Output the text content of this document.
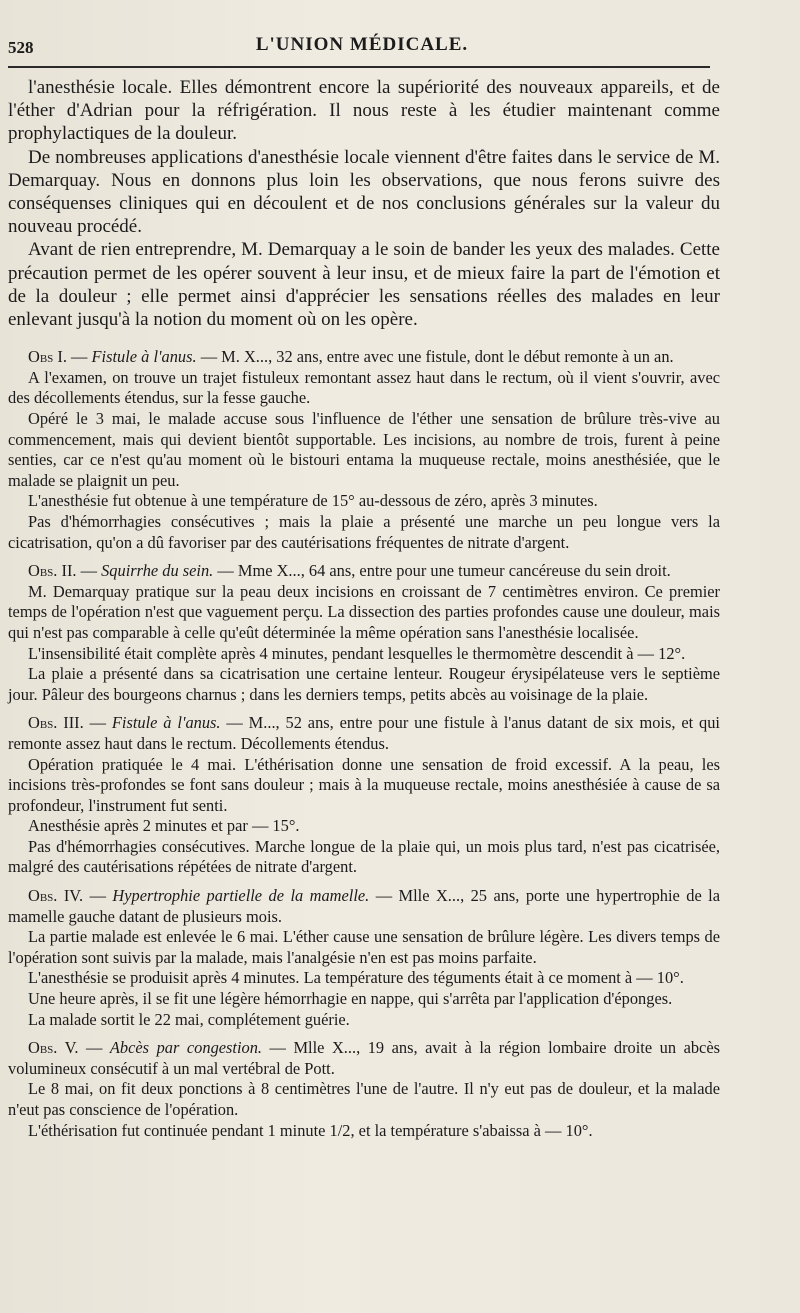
528	L'UNION MÉDICALE.

l'anesthésie locale. Elles démontrent encore la supériorité des nouveaux appareils, et de l'éther d'Adrian pour la réfrigération. Il nous reste à les étudier maintenant comme prophylactiques de la douleur.

De nombreuses applications d'anesthésie locale viennent d'être faites dans le service de M. Demarquay. Nous en donnons plus loin les observations, que nous ferons suivre des conséquenses cliniques qui en découlent et de nos conclusions générales sur la valeur du nouveau procédé.

Avant de rien entreprendre, M. Demarquay a le soin de bander les yeux des malades. Cette précaution permet de les opérer souvent à leur insu, et de mieux faire la part de l'émotion et de la douleur ; elle permet ainsi d'apprécier les sensations réelles des malades en leur enlevant jusqu'à la notion du moment où on les opère.

Obs I. — Fistule à l'anus. — M. X..., 32 ans, entre avec une fistule, dont le début remonte à un an.

A l'examen, on trouve un trajet fistuleux remontant assez haut dans le rectum, où il vient s'ouvrir, avec des décollements étendus, sur la fesse gauche.

Opéré le 3 mai, le malade accuse sous l'influence de l'éther une sensation de brûlure très-vive au commencement, mais qui devient bientôt supportable. Les incisions, au nombre de trois, furent à peine senties, car ce n'est qu'au moment où le bistouri entama la muqueuse rectale, moins anesthésiée, que le malade se plaignit un peu.

L'anesthésie fut obtenue à une température de 15° au-dessous de zéro, après 3 minutes.

Pas d'hémorrhagies consécutives ; mais la plaie a présenté une marche un peu longue vers la cicatrisation, qu'on a dû favoriser par des cautérisations fréquentes de nitrate d'argent.

Obs. II. — Squirrhe du sein. — Mme X..., 64 ans, entre pour une tumeur cancéreuse du sein droit.

M. Demarquay pratique sur la peau deux incisions en croissant de 7 centimètres environ. Ce premier temps de l'opération n'est que vaguement perçu. La dissection des parties profondes cause une douleur, mais qui n'est pas comparable à celle qu'eût déterminée la même opération sans l'anesthésie localisée.

L'insensibilité était complète après 4 minutes, pendant lesquelles le thermomètre descendit à — 12°.

La plaie a présenté dans sa cicatrisation une certaine lenteur. Rougeur érysipélateuse vers le septième jour. Pâleur des bourgeons charnus ; dans les derniers temps, petits abcès au voisinage de la plaie.

Obs. III. — Fistule à l'anus. — M..., 52 ans, entre pour une fistule à l'anus datant de six mois, et qui remonte assez haut dans le rectum. Décollements étendus.

Opération pratiquée le 4 mai. L'éthérisation donne une sensation de froid excessif. A la peau, les incisions très-profondes se font sans douleur ; mais à la muqueuse rectale, moins anesthésiée à cause de sa profondeur, l'instrument fut senti.

Anesthésie après 2 minutes et par — 15°.

Pas d'hémorrhagies consécutives. Marche longue de la plaie qui, un mois plus tard, n'est pas cicatrisée, malgré des cautérisations répétées de nitrate d'argent.

Obs. IV. — Hypertrophie partielle de la mamelle. — Mlle X..., 25 ans, porte une hypertrophie de la mamelle gauche datant de plusieurs mois.

La partie malade est enlevée le 6 mai. L'éther cause une sensation de brûlure légère. Les divers temps de l'opération sont suivis par la malade, mais l'analgésie n'en est pas moins parfaite.

L'anesthésie se produisit après 4 minutes. La température des téguments était à ce moment à — 10°.

Une heure après, il se fit une légère hémorrhagie en nappe, qui s'arrêta par l'application d'éponges.

La malade sortit le 22 mai, complétement guérie.

Obs. V. — Abcès par congestion. — Mlle X..., 19 ans, avait à la région lombaire droite un abcès volumineux consécutif à un mal vertébral de Pott.

Le 8 mai, on fit deux ponctions à 8 centimètres l'une de l'autre. Il n'y eut pas de douleur, et la malade n'eut pas conscience de l'opération.

L'éthérisation fut continuée pendant 1 minute 1/2, et la température s'abaissa à — 10°.
